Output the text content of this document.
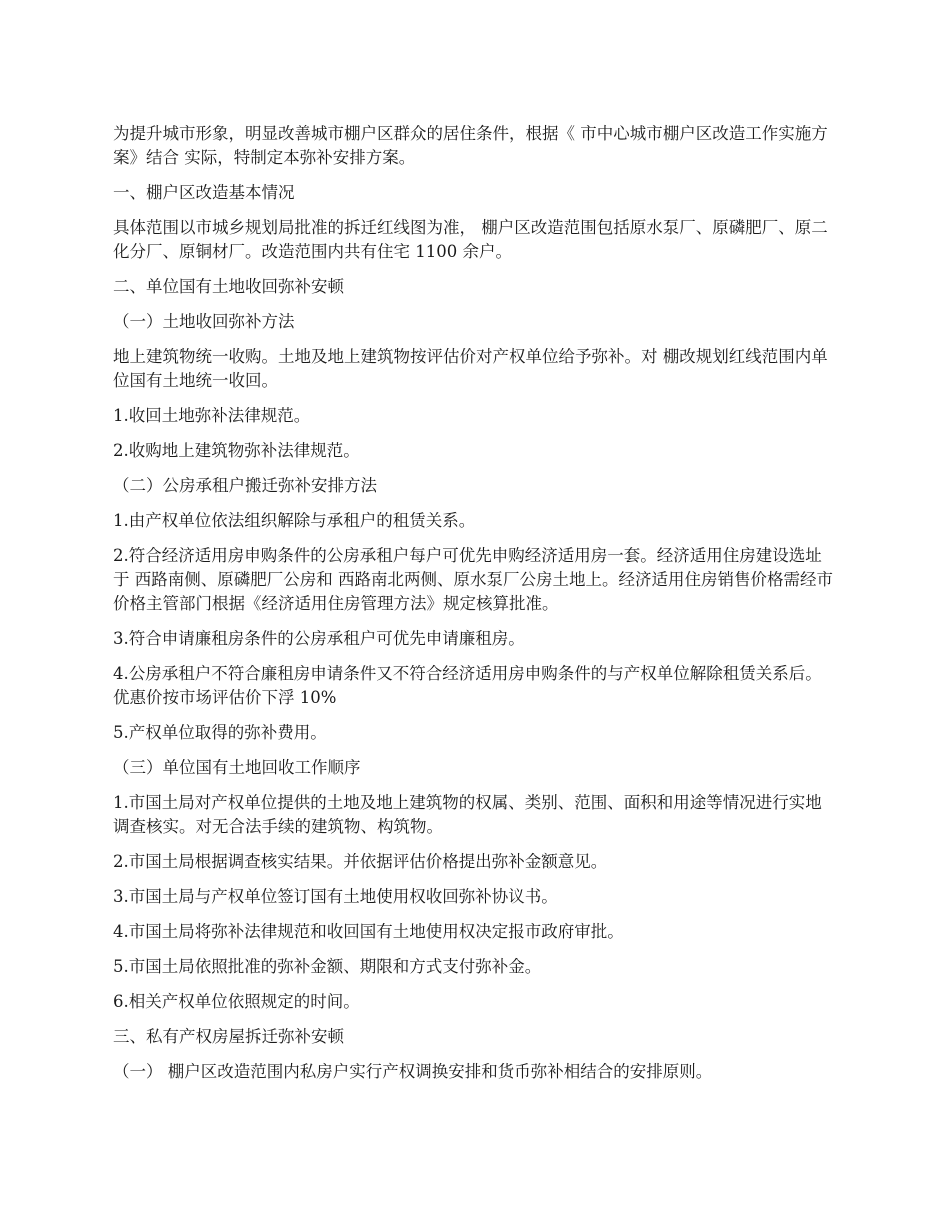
为提升城市形象，明显改善城市棚户区群众的居住条件，根据《 市中心城市棚户区改造工作实施方案》结合 实际，特制定本弥补安排方案。

一、棚户区改造基本情况

具体范围以市城乡规划局批准的拆迁红线图为准， 棚户区改造范围包括原水泵厂、原磷肥厂、原二化分厂、原铜材厂。改造范围内共有住宅 1100 余户。

二、单位国有土地收回弥补安顿

（一）土地收回弥补方法

地上建筑物统一收购。土地及地上建筑物按评估价对产权单位给予弥补。对 棚改规划红线范围内单位国有土地统一收回。

1.收回土地弥补法律规范。

2.收购地上建筑物弥补法律规范。

（二）公房承租户搬迁弥补安排方法

1.由产权单位依法组织解除与承租户的租赁关系。

2.符合经济适用房申购条件的公房承租户每户可优先申购经济适用房一套。经济适用住房建设选址于 西路南侧、原磷肥厂公房和 西路南北两侧、原水泵厂公房土地上。经济适用住房销售价格需经市价格主管部门根据《经济适用住房管理方法》规定核算批准。

3.符合申请廉租房条件的公房承租户可优先申请廉租房。

4.公房承租户不符合廉租房申请条件又不符合经济适用房申购条件的与产权单位解除租赁关系后。优惠价按市场评估价下浮 10%

5.产权单位取得的弥补费用。

（三）单位国有土地回收工作顺序

1.市国土局对产权单位提供的土地及地上建筑物的权属、类别、范围、面积和用途等情况进行实地调查核实。对无合法手续的建筑物、构筑物。

2.市国土局根据调查核实结果。并依据评估价格提出弥补金额意见。

3.市国土局与产权单位签订国有土地使用权收回弥补协议书。

4.市国土局将弥补法律规范和收回国有土地使用权决定报市政府审批。

5.市国土局依照批准的弥补金额、期限和方式支付弥补金。

6.相关产权单位依照规定的时间。

三、私有产权房屋拆迁弥补安顿

（一） 棚户区改造范围内私房户实行产权调换安排和货币弥补相结合的安排原则。
